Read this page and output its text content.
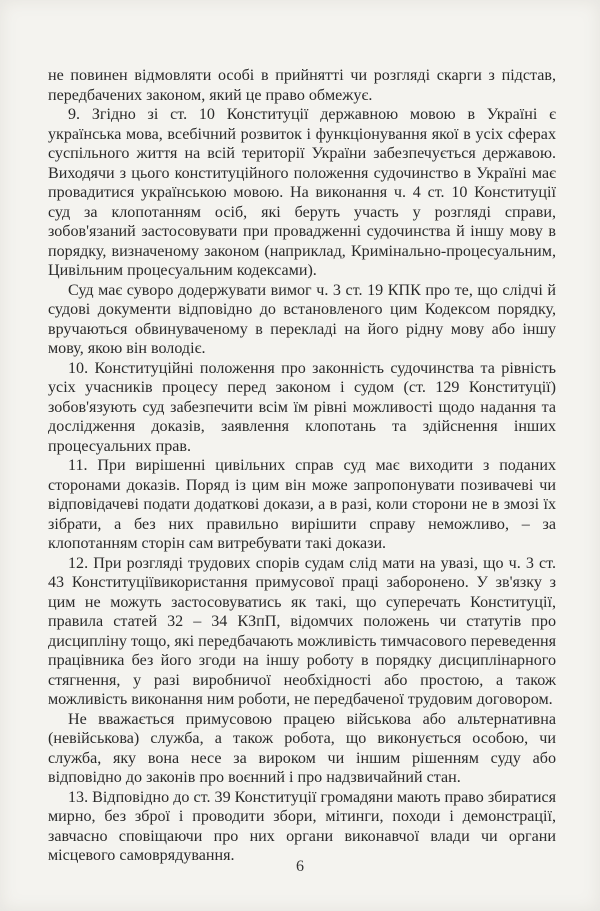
не повинен відмовляти особі в прийнятті чи розгляді скарги з підстав, передбачених законом, який це право обмежує.

9. Згідно зі ст. 10 Конституції державною мовою в Україні є українська мова, всебічний розвиток і функціонування якої в усіх сферах суспільного життя на всій території України забезпечується державою. Виходячи з цього конституційного положення судочинство в Україні має провадитися українською мовою. На виконання ч. 4 ст. 10 Конституції суд за клопотанням осіб, які беруть участь у розгляді справи, зобов'язаний застосовувати при провадженні судочинства й іншу мову в порядку, визначеному законом (наприклад, Кримінально-процесуальним, Цивільним процесуальним кодексами).

Суд має суворо додержувати вимог ч. 3 ст. 19 КПК про те, що слідчі й судові документи відповідно до встановленого цим Кодексом порядку, вручаються обвинуваченому в перекладі на його рідну мову або іншу мову, якою він володіє.

10. Конституційні положення про законність судочинства та рівність усіх учасників процесу перед законом і судом (ст. 129 Конституції) зобов'язують суд забезпечити всім їм рівні можливості щодо надання та дослідження доказів, заявлення клопотань та здійснення інших процесуальних прав.

11. При вирішенні цивільних справ суд має виходити з поданих сторонами доказів. Поряд із цим він може запропонувати позивачеві чи відповідачеві подати додаткові докази, а в разі, коли сторони не в змозі їх зібрати, а без них правильно вирішити справу неможливо, – за клопотанням сторін сам витребувати такі докази.

12. При розгляді трудових спорів судам слід мати на увазі, що ч. 3 ст. 43 Конституціївикористання примусової праці заборонено. У зв'язку з цим не можуть застосовуватись як такі, що суперечать Конституції, правила статей 32 – 34 КЗпП, відомчих положень чи статутів про дисципліну тощо, які передбачають можливість тимчасового переведення працівника без його згоди на іншу роботу в порядку дисциплінарного стягнення, у разі виробничої необхідності або простою, а також можливість виконання ним роботи, не передбаченої трудовим договором.

Не вважається примусовою працею військова або альтернативна (невійськова) служба, а також робота, що виконується особою, чи служба, яку вона несе за вироком чи іншим рішенням суду або відповідно до законів про воєнний і про надзвичайний стан.

13. Відповідно до ст. 39 Конституції громадяни мають право збиратися мирно, без зброї і проводити збори, мітинги, походи і демонстрації, завчасно сповіщаючи про них органи виконавчої влади чи органи місцевого самоврядування.

6
